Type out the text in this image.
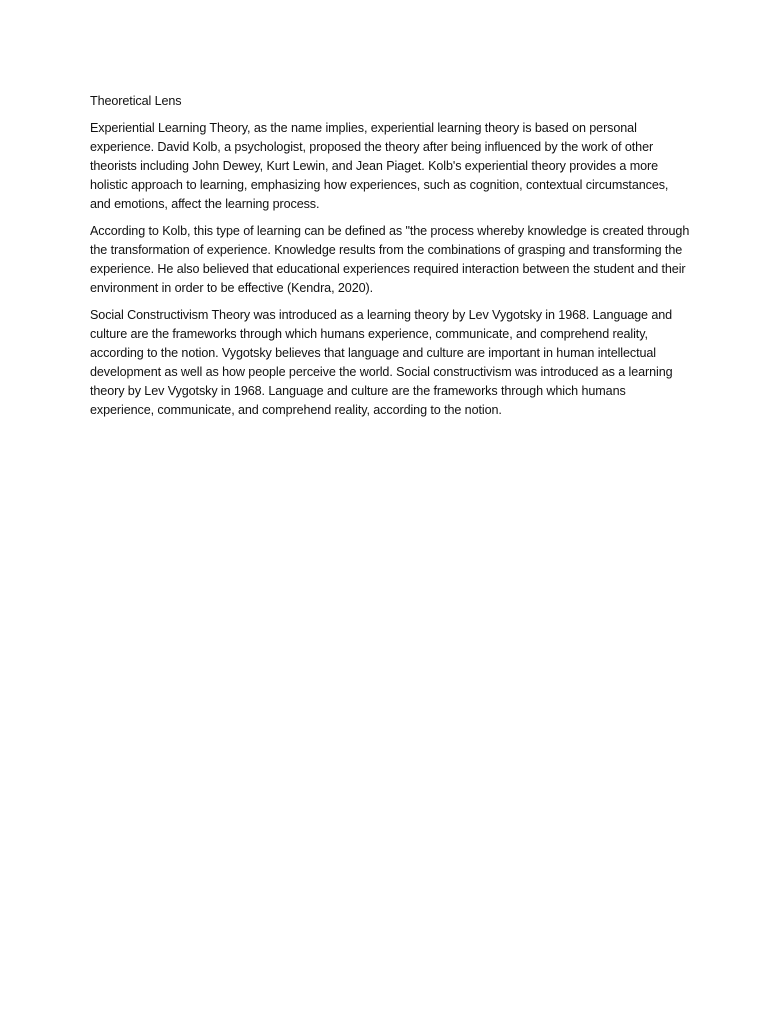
Theoretical Lens

Experiential Learning Theory, as the name implies, experiential learning theory is based on personal experience. David Kolb, a psychologist, proposed the theory after being influenced by the work of other theorists including John Dewey, Kurt Lewin, and Jean Piaget. Kolb's experiential theory provides a more holistic approach to learning, emphasizing how experiences, such as cognition, contextual circumstances, and emotions, affect the learning process.

According to Kolb, this type of learning can be defined as "the process whereby knowledge is created through the transformation of experience. Knowledge results from the combinations of grasping and transforming the experience. He also believed that educational experiences required interaction between the student and their environment in order to be effective (Kendra, 2020).

Social Constructivism Theory was introduced as a learning theory by Lev Vygotsky in 1968. Language and culture are the frameworks through which humans experience, communicate, and comprehend reality, according to the notion. Vygotsky believes that language and culture are important in human intellectual development as well as how people perceive the world. Social constructivism was introduced as a learning theory by Lev Vygotsky in 1968. Language and culture are the frameworks through which humans experience, communicate, and comprehend reality, according to the notion.
